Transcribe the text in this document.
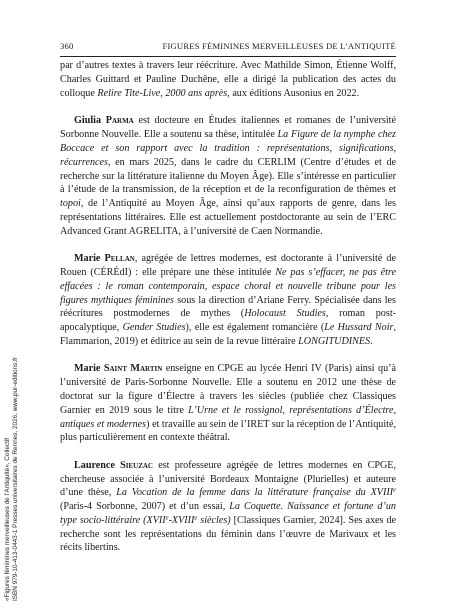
360	FIGURES FÉMININES MERVEILLEUSES DE L’ANTIQUITÉ

par d’autres textes à travers leur réécriture. Avec Mathilde Simon, Étienne Wolff, Charles Guittard et Pauline Duchêne, elle a dirigé la publication des actes du colloque Relire Tite-Live, 2000 ans après, aux éditions Ausonius en 2022.

Giulia Parma est docteure en Études italiennes et romanes de l’université Sorbonne Nouvelle. Elle a soutenu sa thèse, intitulée La Figure de la nymphe chez Boccace et son rapport avec la tradition : représentations, significations, récurrences, en mars 2025, dans le cadre du CERLIM (Centre d’études et de recherche sur la littérature italienne du Moyen Âge). Elle s’intéresse en particulier à l’étude de la transmission, de la réception et de la reconfiguration de thèmes et topoi, de l’Antiquité au Moyen Âge, ainsi qu’aux rapports de genre, dans les représentations littéraires. Elle est actuellement postdoctorante au sein de l’ERC Advanced Grant AGRELITA, à l’université de Caen Normandie.

Marie Pellan, agrégée de lettres modernes, est doctorante à l’université de Rouen (CÉRÉdI) : elle prépare une thèse intitulée Ne pas s’effacer, ne pas être effacées : le roman contemporain, espace choral et nouvelle tribune pour les figures mythiques féminines sous la direction d’Ariane Ferry. Spécialisée dans les réécritures postmodernes de mythes (Holocaust Studies, roman post-apocalyptique, Gender Studies), elle est également romancière (Le Hussard Noir, Flammarion, 2019) et éditrice au sein de la revue littéraire LONGITUDINES.

Marie Saint Martin enseigne en CPGE au lycée Henri IV (Paris) ainsi qu’à l’université de Paris-Sorbonne Nouvelle. Elle a soutenu en 2012 une thèse de doctorat sur la figure d’Électre à travers les siècles (publiée chez Classiques Garnier en 2019 sous le titre L’Urne et le rossignol, représentations d’Électre, antiques et modernes) et travaille au sein de l’IRET sur la réception de l’Antiquité, plus particulièrement en contexte théâtral.

Laurence Sieuzac est professeure agrégée de lettres modernes en CPGE, chercheuse associée à l’université Bordeaux Montaigne (Plurielles) et auteure d’une thèse, La Vocation de la femme dans la littérature française du XVIIIe (Paris-4 Sorbonne, 2007) et d’un essai, La Coquette. Naissance et fortune d’un type socio-littéraire (XVIIe-XVIIIe siècles) [Classiques Garnier, 2024]. Ses axes de recherche sont les représentations du féminin dans l’œuvre de Marivaux et les récits libertins.

«Figures féminines merveilleuses de l’Antiquité», Collectif ISBN 979-10-413-0443-1 Presses universitaires de Rennes, 2026, www.pur-editions.fr
